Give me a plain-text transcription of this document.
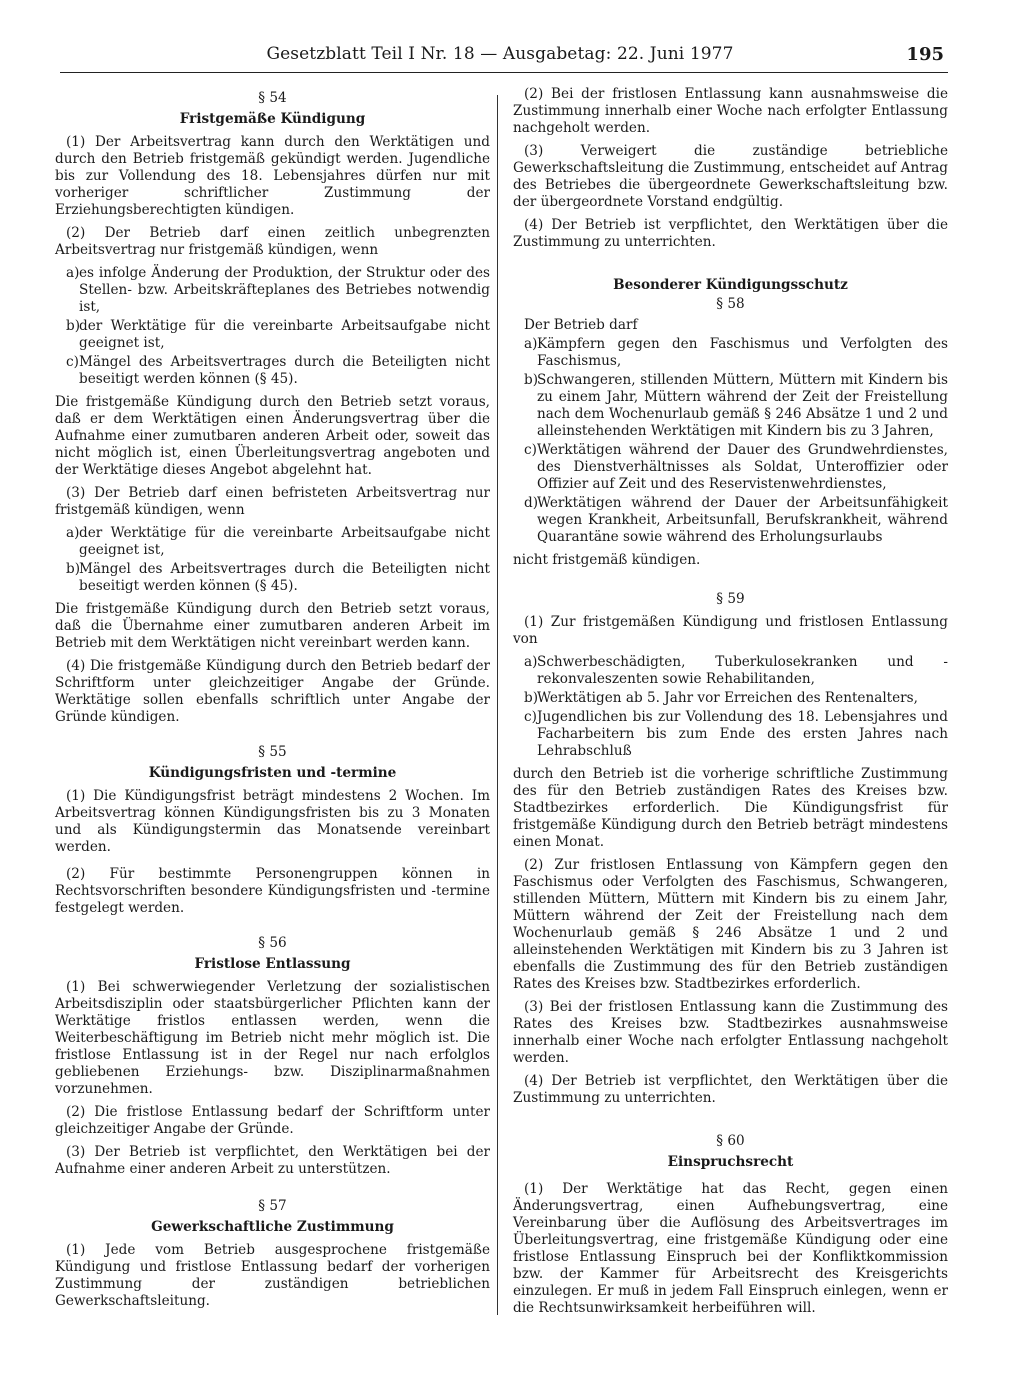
Gesetzblatt Teil I Nr. 18 — Ausgabetag: 22. Juni 1977	195
§ 54
Fristgemäße Kündigung

(1) Der Arbeitsvertrag kann durch den Werktätigen und durch den Betrieb fristgemäß gekündigt werden. Jugendliche bis zur Vollendung des 18. Lebensjahres dürfen nur mit vorheriger schriftlicher Zustimmung der Erziehungsberechtigten kündigen.

(2) Der Betrieb darf einen zeitlich unbegrenzten Arbeitsvertrag nur fristgemäß kündigen, wenn

a) es infolge Änderung der Produktion, der Struktur oder des Stellen- bzw. Arbeitskräfteplanes des Betriebes notwendig ist,
b)
der Werktätige für die vereinbarte Arbeitsaufgabe nicht geeignet ist,
c) Mängel des Arbeitsvertrages durch die Beteiligten nicht beseitigt werden können (§ 45).

Die fristgemäße Kündigung durch den Betrieb setzt voraus, daß er dem Werktätigen einen Änderungsvertrag über die Aufnahme einer zumutbaren anderen Arbeit oder, soweit das nicht möglich ist, einen Überleitungsvertrag angeboten und der Werktätige dieses Angebot abgelehnt hat.

(3) Der Betrieb darf einen befristeten Arbeitsvertrag nur fristgemäß kündigen, wenn

a) der Werktätige für die vereinbarte Arbeitsaufgabe nicht geeignet ist,
b)
Mängel des Arbeitsvertrages durch die Beteiligten nicht beseitigt werden können (§ 45).

Die fristgemäße Kündigung durch den Betrieb setzt voraus, daß die Übernahme einer zumutbaren anderen Arbeit im Betrieb mit dem Werktätigen nicht vereinbart werden kann.

(4) Die fristgemäße Kündigung durch den Betrieb bedarf der Schriftform unter gleichzeitiger Angabe der Gründe. Werktätige sollen ebenfalls schriftlich unter Angabe der Gründe kündigen.

§ 55
Kündigungsfristen und -termine

(1) Die Kündigungsfrist beträgt mindestens 2 Wochen. Im Arbeitsvertrag können Kündigungsfristen bis zu 3 Monaten und als Kündigungstermin das Monatsende vereinbart werden.

(2) Für bestimmte Personengruppen können in Rechtsvorschriften besondere Kündigungsfristen und -termine festgelegt werden.

§ 56
Fristlose Entlassung

(1) Bei schwerwiegender Verletzung der sozialistischen Arbeitsdisziplin oder staatsbürgerlicher Pflichten kann der Werktätige fristlos entlassen werden, wenn die Weiterbeschäftigung im Betrieb nicht mehr möglich ist. Die fristlose Entlassung ist in der Regel nur nach erfolglos gebliebenen Erziehungs- bzw. Disziplinarmaßnahmen vorzunehmen.

(2) Die fristlose Entlassung bedarf der Schriftform unter gleichzeitiger Angabe der Gründe.

(3) Der Betrieb ist verpflichtet, den Werktätigen bei der Aufnahme einer anderen Arbeit zu unterstützen.

§ 57
Gewerkschaftliche Zustimmung

(1) Jede vom Betrieb ausgesprochene fristgemäße Kündigung und fristlose Entlassung bedarf der vorherigen Zustimmung der zuständigen betrieblichen Gewerkschaftsleitung.

(2) Bei der fristlosen Entlassung kann ausnahmsweise die Zustimmung innerhalb einer Woche nach erfolgter Entlassung nachgeholt werden.

(3) Verweigert die zuständige betriebliche Gewerkschaftsleitung die Zustimmung, entscheidet auf Antrag des Betriebes die übergeordnete Gewerkschaftsleitung bzw. der übergeordnete Vorstand endgültig.

(4) Der Betrieb ist verpflichtet, den Werktätigen über die Zustimmung zu unterrichten.

Besonderer Kündigungsschutz
§ 58

Der Betrieb darf

a) Kämpfern gegen den Faschismus und Verfolgten des Faschismus,
b)
Schwangeren, stillenden Müttern, Müttern mit Kindern bis zu einem Jahr, Müttern während der Zeit der Freistellung nach dem Wochenurlaub gemäß § 246 Absätze 1 und 2 und alleinstehenden Werktätigen mit Kindern bis zu 3 Jahren,
c) Werktätigen während der Dauer des Grundwehrdienstes, des Dienstverhältnisses als Soldat, Unteroffizier oder Offizier auf Zeit und des Reservistenwehrdienstes,
d)
Werktätigen während der Dauer der Arbeitsunfähigkeit wegen Krankheit, Arbeitsunfall, Berufskrankheit, während Quarantäne sowie während des Erholungsurlaubs

nicht fristgemäß kündigen.

§ 59

(1) Zur fristgemäßen Kündigung und fristlosen Entlassung von

a) Schwerbeschädigten, Tuberkulosekranken und -rekonvaleszenten sowie Rehabilitanden,
b)
Werktätigen ab 5. Jahr vor Erreichen des Rentenalters,
c) Jugendlichen bis zur Vollendung des 18. Lebensjahres und Facharbeitern bis zum Ende des ersten Jahres nach Lehrabschluß

durch den Betrieb ist die vorherige schriftliche Zustimmung des für den Betrieb zuständigen Rates des Kreises bzw. Stadtbezirkes erforderlich. Die Kündigungsfrist für fristgemäße Kündigung durch den Betrieb beträgt mindestens einen Monat.

(2) Zur fristlosen Entlassung von Kämpfern gegen den Faschismus oder Verfolgten des Faschismus, Schwangeren, stillenden Müttern, Müttern mit Kindern bis zu einem Jahr, Müttern während der Zeit der Freistellung nach dem Wochenurlaub gemäß § 246 Absätze 1 und 2 und alleinstehenden Werktätigen mit Kindern bis zu 3 Jahren ist ebenfalls die Zustimmung des für den Betrieb zuständigen Rates des Kreises bzw. Stadtbezirkes erforderlich.

(3) Bei der fristlosen Entlassung kann die Zustimmung des Rates des Kreises bzw. Stadtbezirkes ausnahmsweise innerhalb einer Woche nach erfolgter Entlassung nachgeholt werden.

(4) Der Betrieb ist verpflichtet, den Werktätigen über die Zustimmung zu unterrichten.

§ 60
Einspruchsrecht

(1) Der Werktätige hat das Recht, gegen einen Änderungsvertrag, einen Aufhebungsvertrag, eine Vereinbarung über die Auflösung des Arbeitsvertrages im Überleitungsvertrag, eine fristgemäße Kündigung oder eine fristlose Entlassung Einspruch bei der Konfliktkommission bzw. der Kammer für Arbeitsrecht des Kreisgerichts einzulegen. Er muß in jedem Fall Einspruch einlegen, wenn er die Rechtsunwirksamkeit herbeiführen will.
